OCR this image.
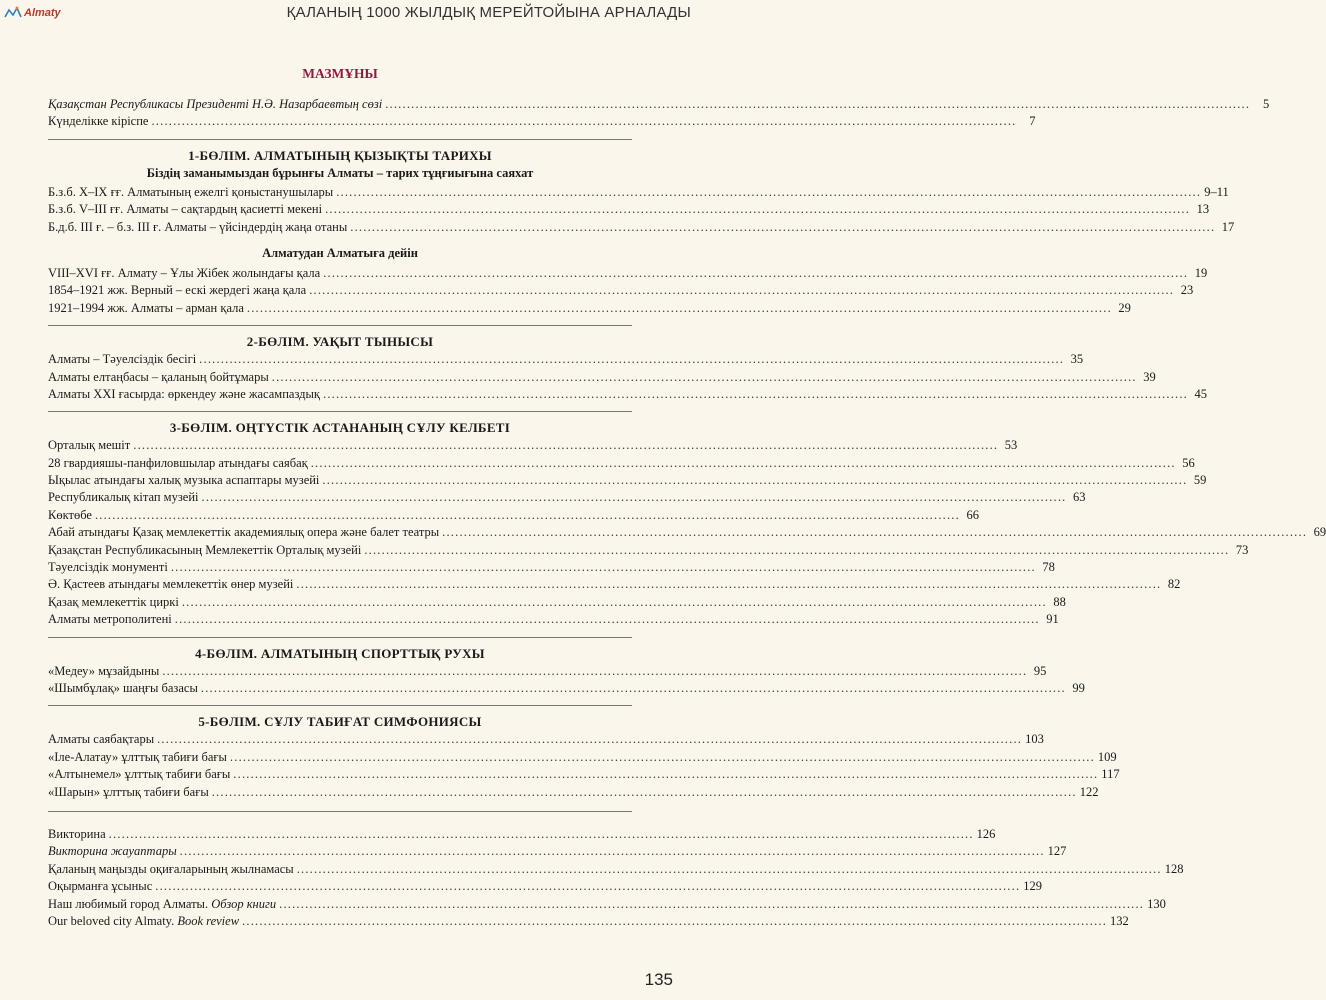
Almaty	ҚАЛАНЫҢ 1000 ЖЫЛДЫҚ МЕРЕЙТОЙЫНА АРНАЛАДЫ
МАЗМҰНЫ
Қазақстан Республикасы Президенті Н.Ә. Назарбаевтың сөзі ........................................................................................................................................................................................................	5
Күнделікке кіріспе ........................................................................................................................................................................................................	7
1-БӨЛІМ. АЛМАТЫНЫҢ ҚЫЗЫҚТЫ ТАРИХЫ
Біздің заманымыздан бұрынғы Алматы – тарих тұңғиығына саяхат
Б.з.б. X–IX ғғ. Алматының ежелгі қоныстанушылары ........................................................................................................................................................................................................ 9–11
Б.з.б. V–III ғғ. Алматы – сақтардың қасиетті мекені ........................................................................................................................................................................................................ 13
Б.д.б. III ғ. – б.з. III ғ. Алматы – үйсіндердің жаңа отаны ........................................................................................................................................................................................................ 17
Алматудан Алматыға дейін
VIII–XVI ғғ. Алмату – Ұлы Жібек жолындағы қала ........................................................................................................................................................................................................ 19
1854–1921 жж. Верный – ескі жердегі жаңа қала ........................................................................................................................................................................................................ 23
1921–1994 жж. Алматы – арман қала ........................................................................................................................................................................................................ 29
2-БӨЛІМ. УАҚЫТ ТЫНЫСЫ
Алматы – Тәуелсіздік бесігі ........................................................................................................................................................................................................ 35
Алматы елтаңбасы – қаланың бойтұмары ........................................................................................................................................................................................................ 39
Алматы XXI ғасырда: өркендеу және жасампаздық ........................................................................................................................................................................................................ 45
3-БӨЛІМ. ОҢТҮСТІК АСТАНАНЫҢ СҰЛУ КЕЛБЕТІ
Орталық мешіт ........................................................................................................................................................................................................ 53
28 гвардияшы-панфиловшылар атындағы саябақ ........................................................................................................................................................................................................ 56
Ықылас атындағы халық музыка аспаптары музейі ........................................................................................................................................................................................................ 59
Республикалық кітап музейі ........................................................................................................................................................................................................ 63
Көктөбе ........................................................................................................................................................................................................ 66
Абай атындағы Қазақ мемлекеттік академиялық опера және балет театры ........................................................................................................................................................................................................ 69
Қазақстан Республикасының Мемлекеттік Орталық музейі ........................................................................................................................................................................................................ 73
Тәуелсіздік монументі ........................................................................................................................................................................................................ 78
Ә. Қастеев атындағы мемлекеттік өнер музейі ........................................................................................................................................................................................................ 82
Қазақ мемлекеттік циркі ........................................................................................................................................................................................................ 88
Алматы метрополитені ........................................................................................................................................................................................................ 91
4-БӨЛІМ. АЛМАТЫНЫҢ СПОРТТЫҚ РУХЫ
«Медеу» мұзайдыны ........................................................................................................................................................................................................ 95
«Шымбұлақ» шаңғы базасы ........................................................................................................................................................................................................ 99
5-БӨЛІМ. СҰЛУ ТАБИҒАТ СИМФОНИЯСЫ
Алматы саябақтары ........................................................................................................................................................................................................ 103
«Іле-Алатау» ұлттық табиғи бағы ........................................................................................................................................................................................................ 109
«Алтынемел» ұлттық табиғи бағы ........................................................................................................................................................................................................ 117
«Шарын» ұлттық табиғи бағы ........................................................................................................................................................................................................ 122
Викторина ........................................................................................................................................................................................................ 126
Викторина жауаптары ........................................................................................................................................................................................................ 127
Қаланың маңызды оқиғаларының жылнамасы ........................................................................................................................................................................................................ 128
Оқырманға ұсыныс ........................................................................................................................................................................................................ 129
Наш любимый город Алматы. Обзор книги ........................................................................................................................................................................................................ 130
Our beloved city Almaty. Book review ........................................................................................................................................................................................................ 132
135
